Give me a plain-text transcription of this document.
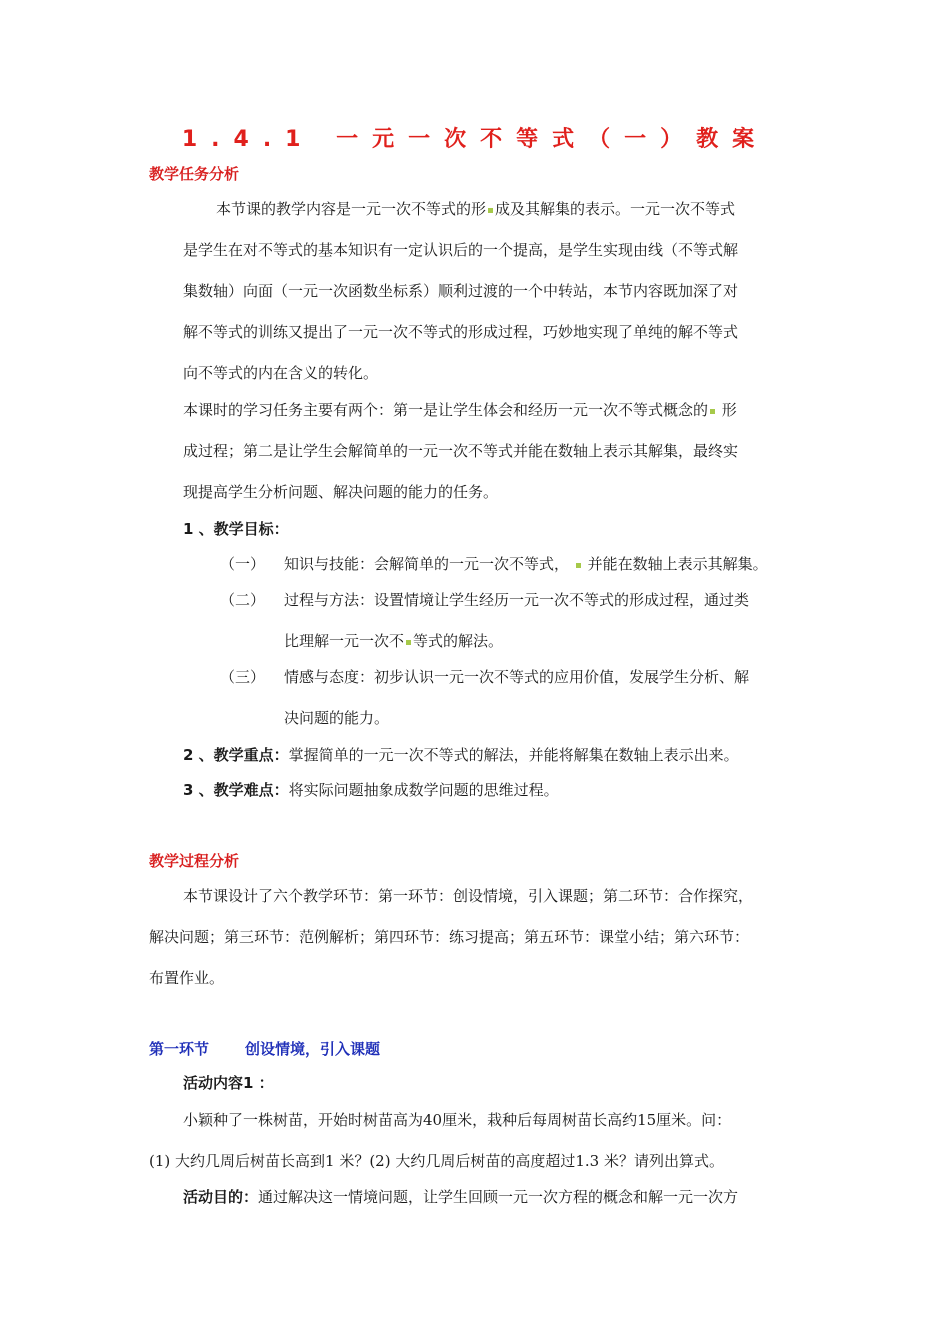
1.4.1 一元一次不等式（一）教案
教学任务分析
本节课的教学内容是一元一次不等式的形 成及其解集的表示。一元一次不等式
是学生在对不等式的基本知识有一定认识后的一个提高，是学生实现由线（不等式解
集数轴）向面（一元一次函数坐标系）顺利过渡的一个中转站，本节内容既加深了对
解不等式的训练又提出了一元一次不等式的形成过程，巧妙地实现了单纯的解不等式
向不等式的内在含义的转化。
本课时的学习任务主要有两个：第一是让学生体会和经历一元一次不等式概念的 形
成过程；第二是让学生会解简单的一元一次不等式并能在数轴上表示其解集，最终实
现提高学生分析问题、解决问题的能力的任务。
1 、教学目标：
（一） 知识与技能：会解简单的一元一次不等式， 并能在数轴上表示其解集。
（二） 过程与方法：设置情境让学生经历一元一次不等式的形成过程，通过类
比理解一元一次不 等式的解法。
（三） 情感与态度：初步认识一元一次不等式的应用价值，发展学生分析、解
决问题的能力。
2 、教学重点：掌握简单的一元一次不等式的解法，并能将解集在数轴上表示出来。
3 、教学难点：将实际问题抽象成数学问题的思维过程。
教学过程分析
本节课设计了六个教学环节：第一环节：创设情境，引入课题；第二环节：合作探究，
解决问题；第三环节：范例解析；第四环节：练习提高；第五环节：课堂小结；第六环节：
布置作业。
第一环节 创设情境，引入课题
活动内容1 ：
小颖种了一株树苗，开始时树苗高为40厘米，栽种后每周树苗长高约15厘米。问：
(1) 大约几周后树苗长高到1 米？(2) 大约几周后树苗的高度超过1.3 米？请列出算式。
活动目的：通过解决这一情境问题，让学生回顾一元一次方程的概念和解一元一次方
